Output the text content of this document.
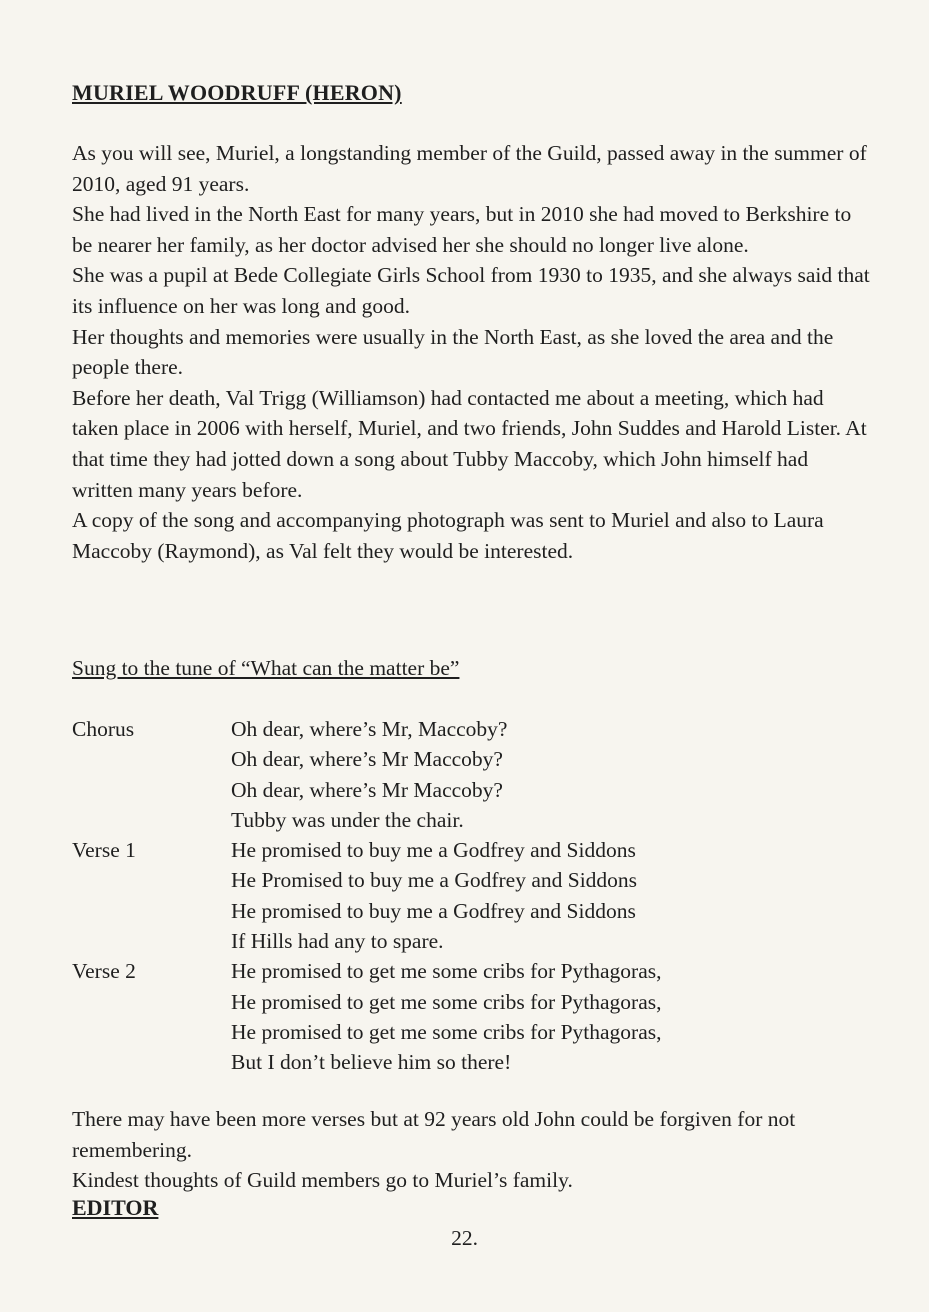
MURIEL WOODRUFF (HERON)

As you will see, Muriel, a longstanding member of the Guild, passed away in the summer of 2010, aged 91 years.

She had lived in the North East for many years, but in 2010 she had moved to Berkshire to be nearer her family, as her doctor advised her she should no longer live alone.

She was a pupil at Bede Collegiate Girls School from 1930 to 1935, and she always said that its influence on her was long and good.

Her thoughts and memories were usually in the North East, as she loved the area and the people there.

Before her death, Val Trigg (Williamson) had contacted me about a meeting, which had taken place in 2006 with herself, Muriel, and two friends, John Suddes and Harold Lister. At that time they had jotted down a song about Tubby Maccoby, which John himself had written many years before.

A copy of the song and accompanying photograph was sent to Muriel and also to Laura Maccoby (Raymond), as Val felt they would be interested.

Sung to the tune of “What can the matter be”
Chorus	Oh dear, where’s Mr, Maccoby?
Oh dear, where’s Mr Maccoby?
Oh dear, where’s Mr Maccoby?
Tubby was under the chair.
Verse 1	He promised to buy me a Godfrey and Siddons
He Promised to buy me a Godfrey and Siddons
He promised to buy me a Godfrey and Siddons
If Hills had any to spare.
Verse 2	He promised to get me some cribs for Pythagoras,
He promised to get me some cribs for Pythagoras,
He promised to get me some cribs for Pythagoras,
But I don’t believe him so there!

There may have been more verses but at 92 years old John could be forgiven for not remembering.

Kindest thoughts of Guild members go to Muriel’s family.

EDITOR
22.
